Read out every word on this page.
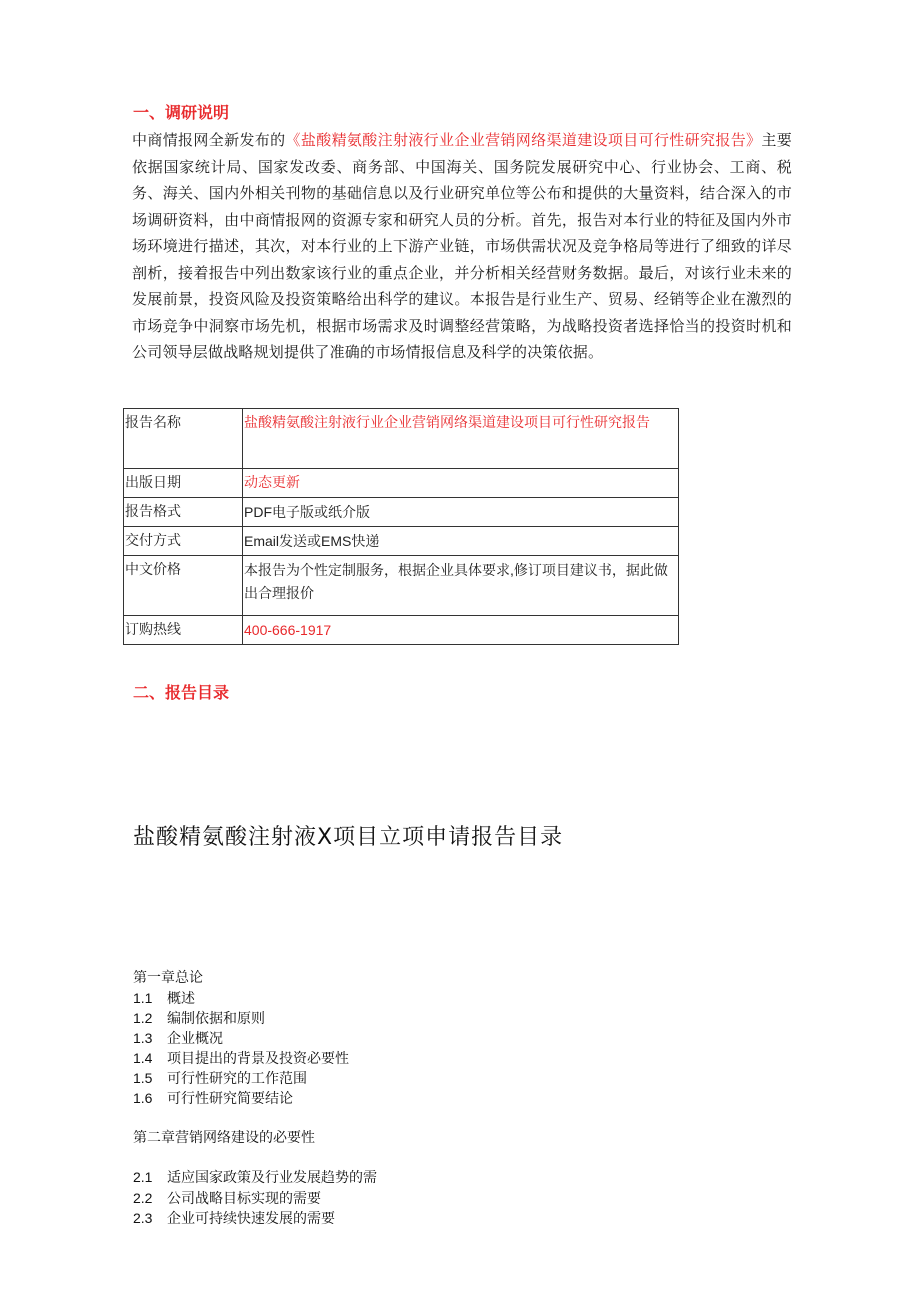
一、调研说明

中商情报网全新发布的《盐酸精氨酸注射液行业企业营销网络渠道建设项目可行性研究报告》主要依据国家统计局、国家发改委、商务部、中国海关、国务院发展研究中心、行业协会、工商、税务、海关、国内外相关刊物的基础信息以及行业研究单位等公布和提供的大量资料，结合深入的市场调研资料，由中商情报网的资源专家和研究人员的分析。首先，报告对本行业的特征及国内外市场环境进行描述，其次，对本行业的上下游产业链，市场供需状况及竞争格局等进行了细致的详尽剖析，接着报告中列出数家该行业的重点企业，并分析相关经营财务数据。最后，对该行业未来的发展前景，投资风险及投资策略给出科学的建议。本报告是行业生产、贸易、经销等企业在激烈的市场竞争中洞察市场先机，根据市场需求及时调整经营策略，为战略投资者选择恰当的投资时机和公司领导层做战略规划提供了准确的市场情报信息及科学的决策依据。

报告名称	盐酸精氨酸注射液行业企业营销网络渠道建设项目可行性研究报告
出版日期	动态更新
报告格式	PDF电子版或纸介版
交付方式	Email发送或EMS快递
中文价格	本报告为个性定制服务，根据企业具体要求,修订项目建议书，据此做出合理报价
订购热线	400-666-1917
二、报告目录
盐酸精氨酸注射液X项目立项申请报告目录

第一章总论

1.1 概述

1.2 编制依据和原则

1.3 企业概况

1.4 项目提出的背景及投资必要性

1.5 可行性研究的工作范围

1.6 可行性研究简要结论

第二章营销网络建设的必要性

2.1 适应国家政策及行业发展趋势的需

2.2 公司战略目标实现的需要

2.3 企业可持续快速发展的需要
